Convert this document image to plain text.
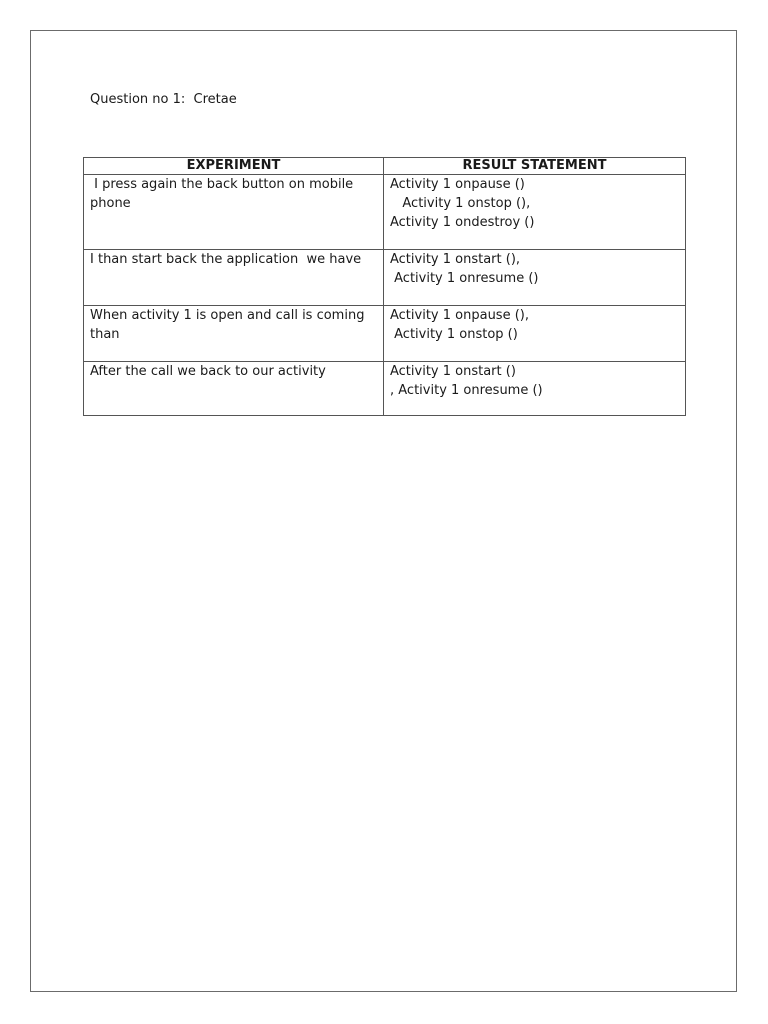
Question no 1:  Cretae
EXPERIMENT	RESULT STATEMENT

I press again the back button on mobile phone	Activity 1 onpause ()
Activity 1 onstop (),
Activity 1 ondestroy ()

I than start back the application  we have	Activity 1 onstart (),
Activity 1 onresume ()

When activity 1 is open and call is coming than	Activity 1 onpause (),
Activity 1 onstop ()

After the call we back to our activity	Activity 1 onstart ()
, Activity 1 onresume ()
